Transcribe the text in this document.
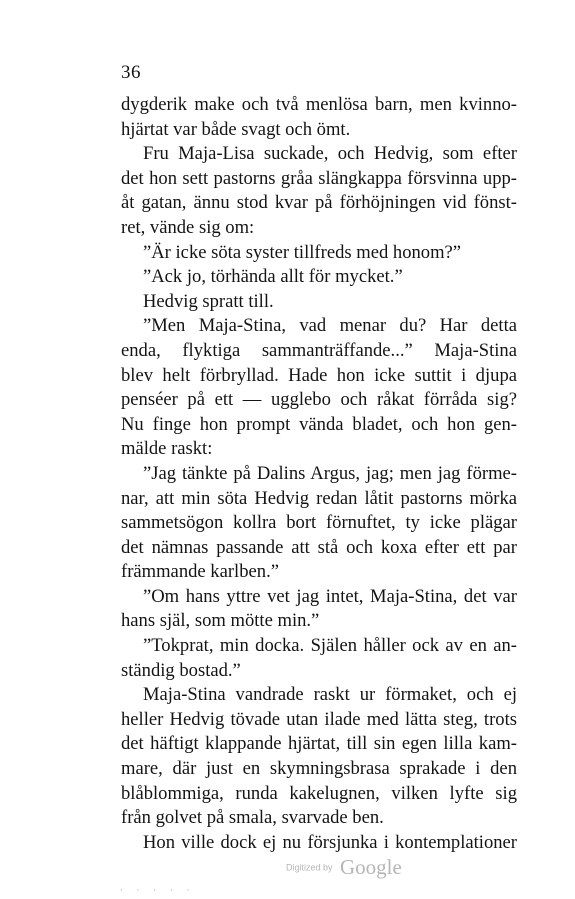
36
dygderik make och två menlösa barn, men kvinno-
hjärtat var både svagt och ömt.
Fru Maja-Lisa suckade, och Hedvig, som efter
det hon sett pastorns gråa slängkappa försvinna upp-
åt gatan, ännu stod kvar på förhöjningen vid fönst-
ret, vände sig om:
”Är icke söta syster tillfreds med honom?”
”Ack jo, törhända allt för mycket.”
Hedvig spratt till.
”Men Maja-Stina, vad menar du? Har detta
enda, flyktiga sammanträffande...” Maja-Stina
blev helt förbryllad. Hade hon icke suttit i djupa
penséer på ett — ugglebo och råkat förråda sig?
Nu finge hon prompt vända bladet, och hon gen-
mälde raskt:
”Jag tänkte på Dalins Argus, jag; men jag förme-
nar, att min söta Hedvig redan låtit pastorns mörka
sammetsögon kollra bort förnuftet, ty icke plägar
det nämnas passande att stå och koxa efter ett par
främmande karlben.”
”Om hans yttre vet jag intet, Maja-Stina, det var
hans själ, som mötte min.”
”Tokprat, min docka. Själen håller ock av en an-
ständig bostad.”
Maja-Stina vandrade raskt ur förmaket, och ej
heller Hedvig tövade utan ilade med lätta steg, trots
det häftigt klappande hjärtat, till sin egen lilla kam-
mare, där just en skymningsbrasa sprakade i den
blåblommiga, runda kakelugnen, vilken lyfte sig
från golvet på smala, svarvade ben.
Hon ville dock ej nu försjunka i kontemplationer
Digitized by Google
·····
